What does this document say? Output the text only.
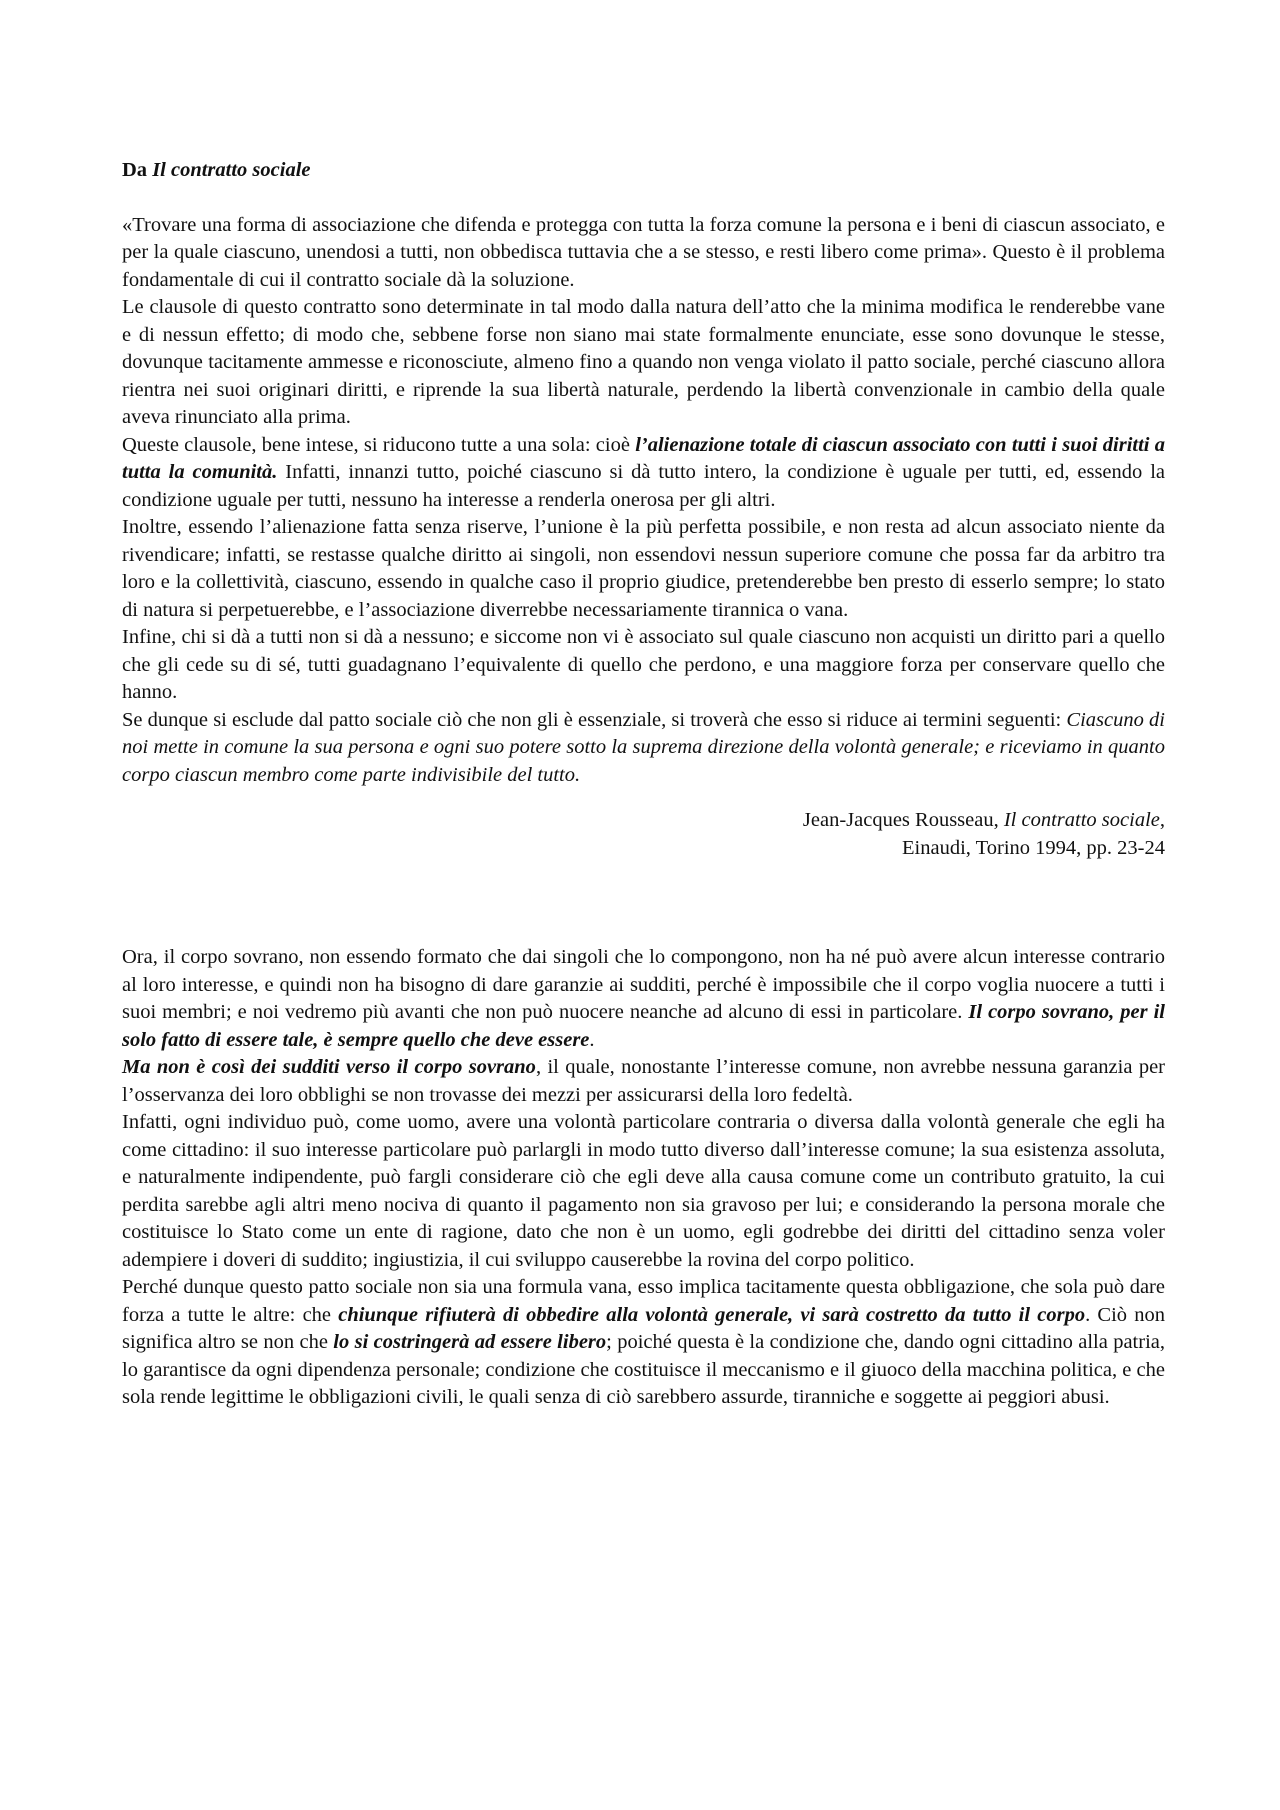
Da Il contratto sociale

«Trovare una forma di associazione che difenda e protegga con tutta la forza comune la persona e i beni di ciascun associato, e per la quale ciascuno, unendosi a tutti, non obbedisca tuttavia che a se stesso, e resti libero come prima». Questo è il problema fondamentale di cui il contratto sociale dà la soluzione.

Le clausole di questo contratto sono determinate in tal modo dalla natura dell’atto che la minima modifica le renderebbe vane e di nessun effetto; di modo che, sebbene forse non siano mai state formalmente enunciate, esse sono dovunque le stesse, dovunque tacitamente ammesse e riconosciute, almeno fino a quando non venga violato il patto sociale, perché ciascuno allora rientra nei suoi originari diritti, e riprende la sua libertà naturale, perdendo la libertà convenzionale in cambio della quale aveva rinunciato alla prima.

Queste clausole, bene intese, si riducono tutte a una sola: cioè l’alienazione totale di ciascun associato con tutti i suoi diritti a tutta la comunità. Infatti, innanzi tutto, poiché ciascuno si dà tutto intero, la condizione è uguale per tutti, ed, essendo la condizione uguale per tutti, nessuno ha interesse a renderla onerosa per gli altri.

Inoltre, essendo l’alienazione fatta senza riserve, l’unione è la più perfetta possibile, e non resta ad alcun associato niente da rivendicare; infatti, se restasse qualche diritto ai singoli, non essendovi nessun superiore comune che possa far da arbitro tra loro e la collettività, ciascuno, essendo in qualche caso il proprio giudice, pretenderebbe ben presto di esserlo sempre; lo stato di natura si perpetuerebbe, e l’associazione diverrebbe necessariamente tirannica o vana.

Infine, chi si dà a tutti non si dà a nessuno; e siccome non vi è associato sul quale ciascuno non acquisti un diritto pari a quello che gli cede su di sé, tutti guadagnano l’equivalente di quello che perdono, e una maggiore forza per conservare quello che hanno.

Se dunque si esclude dal patto sociale ciò che non gli è essenziale, si troverà che esso si riduce ai termini seguenti: Ciascuno di noi mette in comune la sua persona e ogni suo potere sotto la suprema direzione della volontà generale; e riceviamo in quanto corpo ciascun membro come parte indivisibile del tutto.

Jean-Jacques Rousseau, Il contratto sociale,
Einaudi, Torino 1994, pp. 23-24

Ora, il corpo sovrano, non essendo formato che dai singoli che lo compongono, non ha né può avere alcun interesse contrario al loro interesse, e quindi non ha bisogno di dare garanzie ai sudditi, perché è impossibile che il corpo voglia nuocere a tutti i suoi membri; e noi vedremo più avanti che non può nuocere neanche ad alcuno di essi in particolare. Il corpo sovrano, per il solo fatto di essere tale, è sempre quello che deve essere.

Ma non è così dei sudditi verso il corpo sovrano, il quale, nonostante l’interesse comune, non avrebbe nessuna garanzia per l’osservanza dei loro obblighi se non trovasse dei mezzi per assicurarsi della loro fedeltà.

Infatti, ogni individuo può, come uomo, avere una volontà particolare contraria o diversa dalla volontà generale che egli ha come cittadino: il suo interesse particolare può parlargli in modo tutto diverso dall’interesse comune; la sua esistenza assoluta, e naturalmente indipendente, può fargli considerare ciò che egli deve alla causa comune come un contributo gratuito, la cui perdita sarebbe agli altri meno nociva di quanto il pagamento non sia gravoso per lui; e considerando la persona morale che costituisce lo Stato come un ente di ragione, dato che non è un uomo, egli godrebbe dei diritti del cittadino senza voler adempiere i doveri di suddito; ingiustizia, il cui sviluppo causerebbe la rovina del corpo politico.

Perché dunque questo patto sociale non sia una formula vana, esso implica tacitamente questa obbligazione, che sola può dare forza a tutte le altre: che chiunque rifiuterà di obbedire alla volontà generale, vi sarà costretto da tutto il corpo. Ciò non significa altro se non che lo si costringerà ad essere libero; poiché questa è la condizione che, dando ogni cittadino alla patria, lo garantisce da ogni dipendenza personale; condizione che costituisce il meccanismo e il giuoco della macchina politica, e che sola rende legittime le obbligazioni civili, le quali senza di ciò sarebbero assurde, tiranniche e soggette ai peggiori abusi.
